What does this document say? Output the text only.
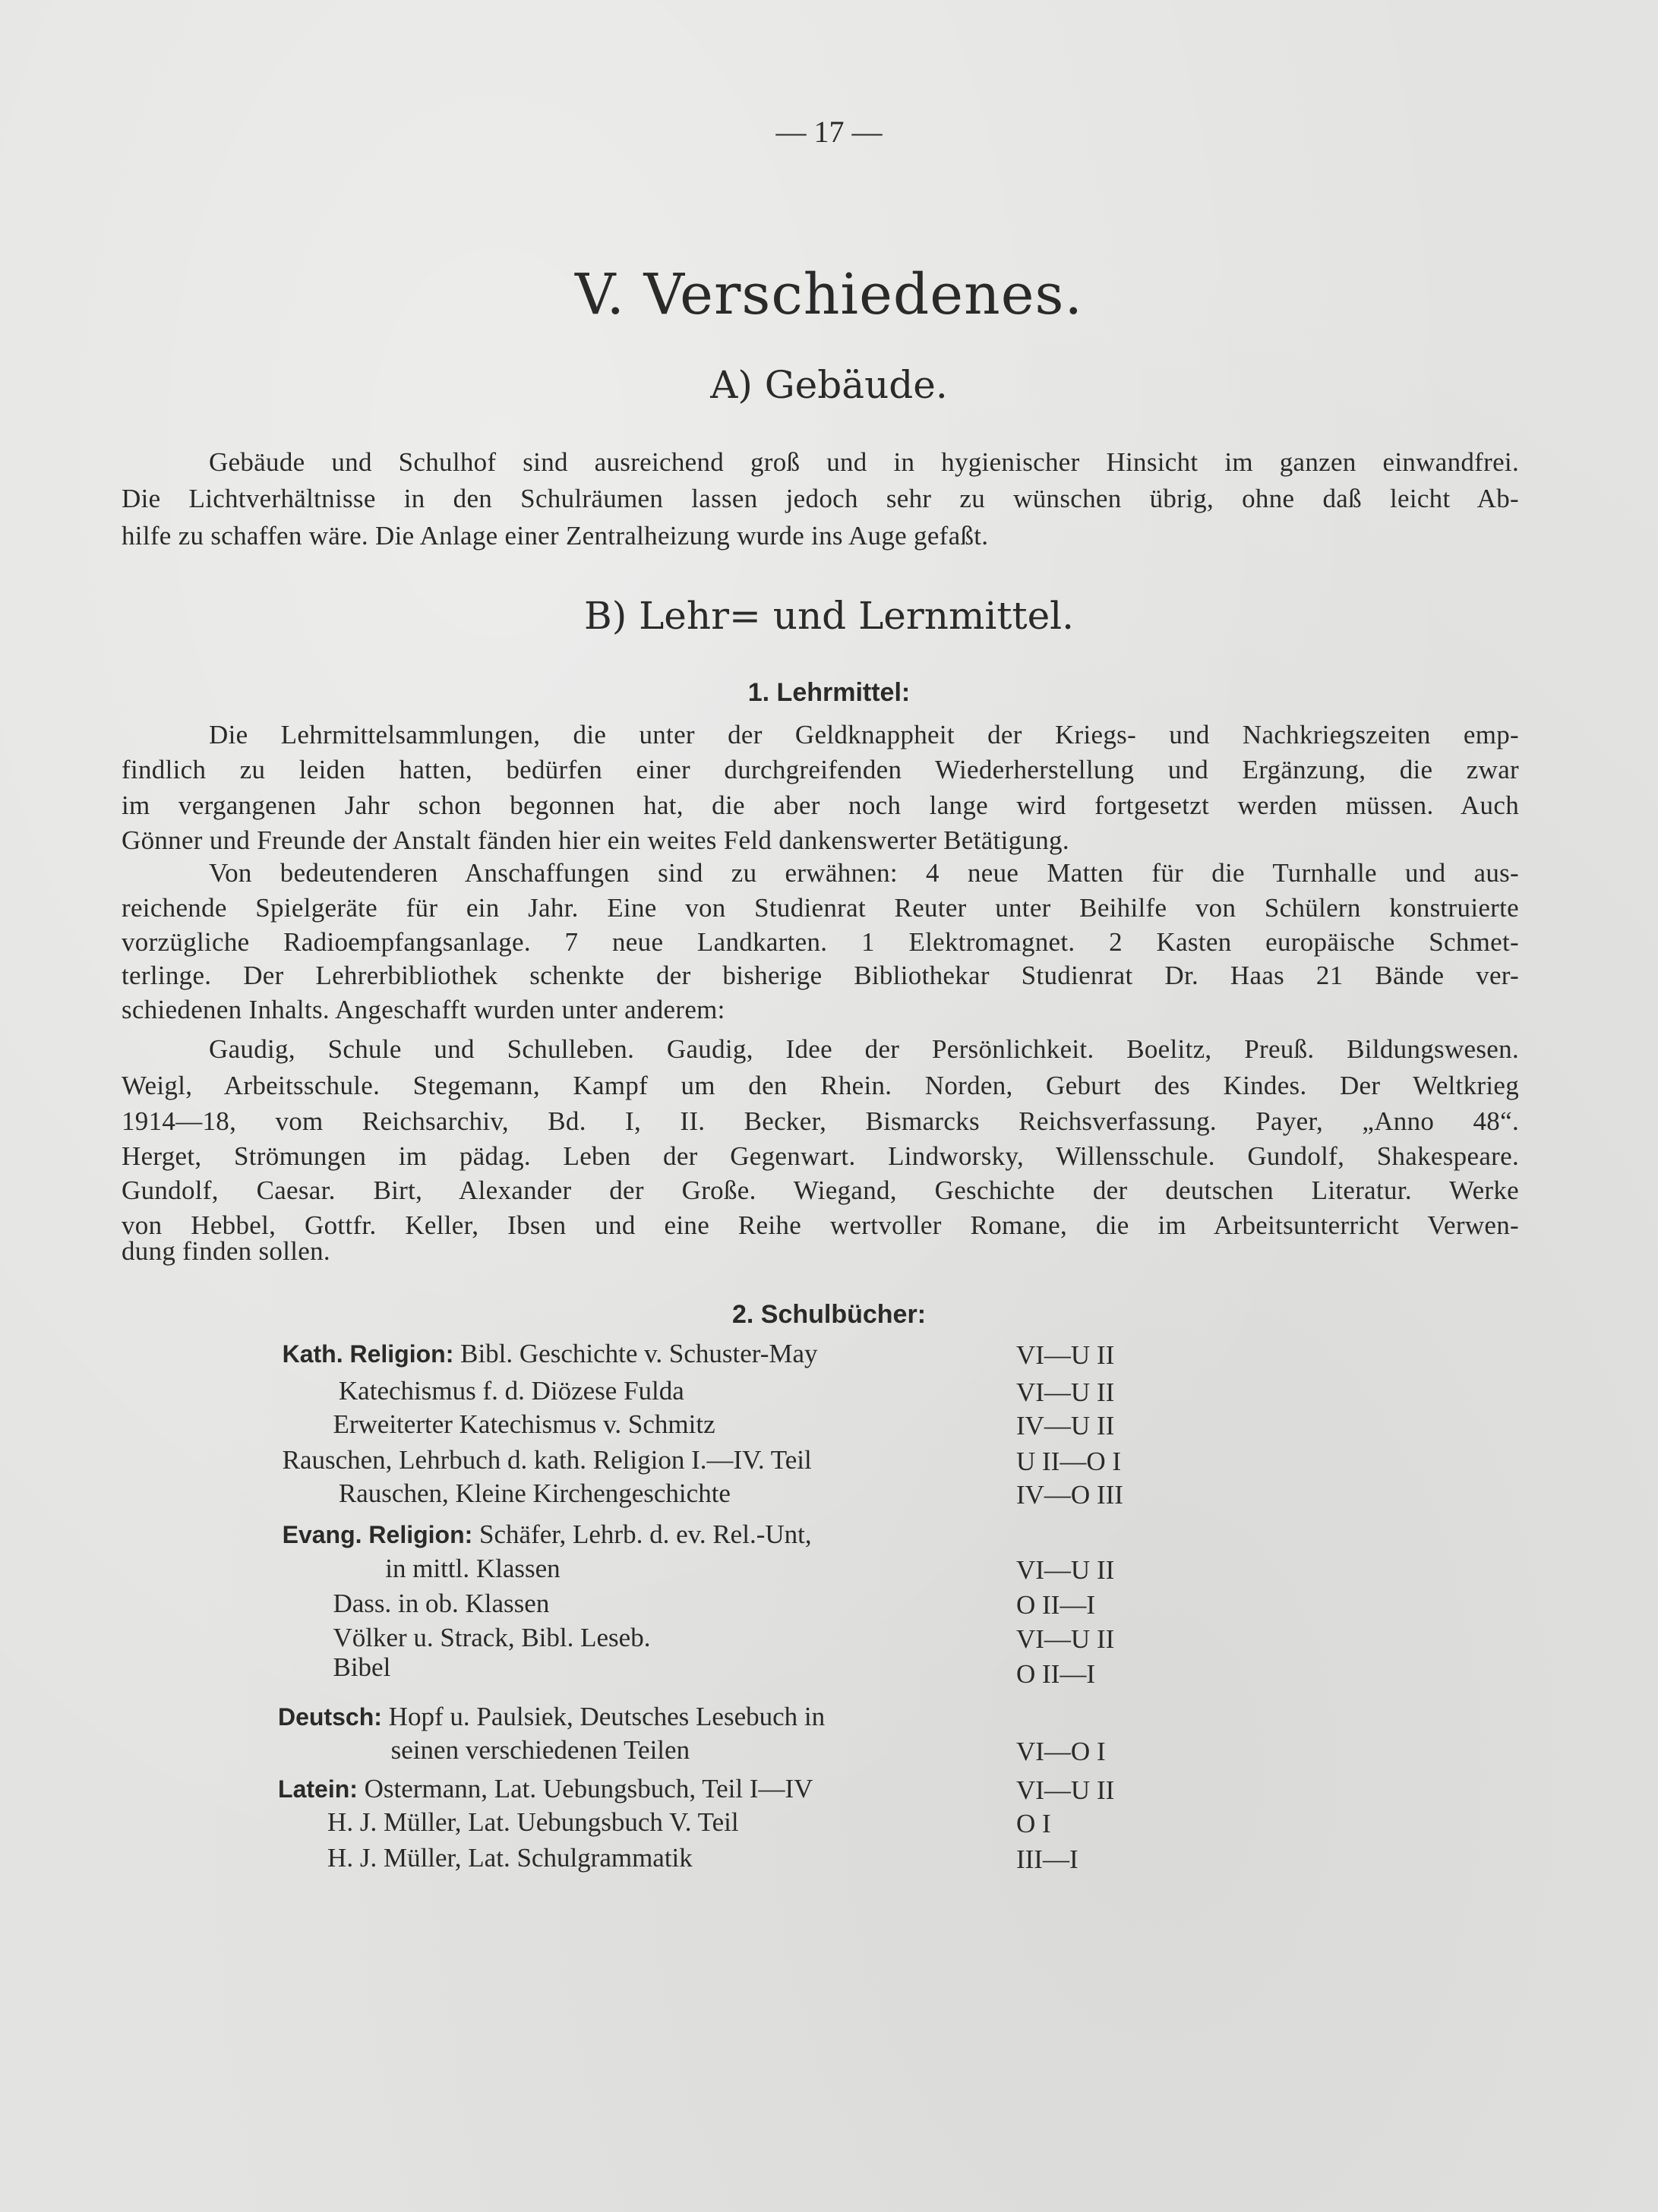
— 17 —
V. Verschiedenes.
A) Gebäude.
Gebäude und Schulhof sind ausreichend groß und in hygienischer Hinsicht im ganzen einwandfrei.
Die Lichtverhältnisse in den Schulräumen lassen jedoch sehr zu wünschen übrig, ohne daß leicht Ab-
hilfe zu schaffen wäre. Die Anlage einer Zentralheizung wurde ins Auge gefaßt.
B) Lehr= und Lernmittel.
1. Lehrmittel:
Die Lehrmittelsammlungen, die unter der Geldknappheit der Kriegs- und Nachkriegszeiten emp-
findlich zu leiden hatten, bedürfen einer durchgreifenden Wiederherstellung und Ergänzung, die zwar
im vergangenen Jahr schon begonnen hat, die aber noch lange wird fortgesetzt werden müssen. Auch
Gönner und Freunde der Anstalt fänden hier ein weites Feld dankenswerter Betätigung.
Von bedeutenderen Anschaffungen sind zu erwähnen: 4 neue Matten für die Turnhalle und aus-
reichende Spielgeräte für ein Jahr. Eine von Studienrat Reuter unter Beihilfe von Schülern konstruierte
vorzügliche Radioempfangsanlage. 7 neue Landkarten. 1 Elektromagnet. 2 Kasten europäische Schmet-
terlinge. Der Lehrerbibliothek schenkte der bisherige Bibliothekar Studienrat Dr. Haas 21 Bände ver-
schiedenen Inhalts. Angeschafft wurden unter anderem:
Gaudig, Schule und Schulleben. Gaudig, Idee der Persönlichkeit. Boelitz, Preuß. Bildungswesen.
Weigl, Arbeitsschule. Stegemann, Kampf um den Rhein. Norden, Geburt des Kindes. Der Weltkrieg
1914—18, vom Reichsarchiv, Bd. I, II. Becker, Bismarcks Reichsverfassung. Payer, „Anno 48“.
Herget, Strömungen im pädag. Leben der Gegenwart. Lindworsky, Willensschule. Gundolf, Shakespeare.
Gundolf, Caesar. Birt, Alexander der Große. Wiegand, Geschichte der deutschen Literatur. Werke
von Hebbel, Gottfr. Keller, Ibsen und eine Reihe wertvoller Romane, die im Arbeitsunterricht Verwen-
dung finden sollen.
2. Schulbücher:
Kath. Religion: Bibl. Geschichte v. Schuster-May	VI—U II
Katechismus f. d. Diözese Fulda	VI—U II
Erweiterter Katechismus v. Schmitz	IV—U II
Rauschen, Lehrbuch d. kath. Religion I.—IV. Teil	U II—O I
Rauschen, Kleine Kirchengeschichte	IV—O III
Evang. Religion: Schäfer, Lehrb. d. ev. Rel.-Unt,
in mittl. Klassen	VI—U II
Dass. in ob. Klassen	O II—I
Völker u. Strack, Bibl. Leseb.	VI—U II
Bibel	O II—I
Deutsch: Hopf u. Paulsiek, Deutsches Lesebuch in
seinen verschiedenen Teilen	VI—O I
Latein: Ostermann, Lat. Uebungsbuch, Teil I—IV	VI—U II
H. J. Müller, Lat. Uebungsbuch V. Teil	O I
H. J. Müller, Lat. Schulgrammatik	III—I
